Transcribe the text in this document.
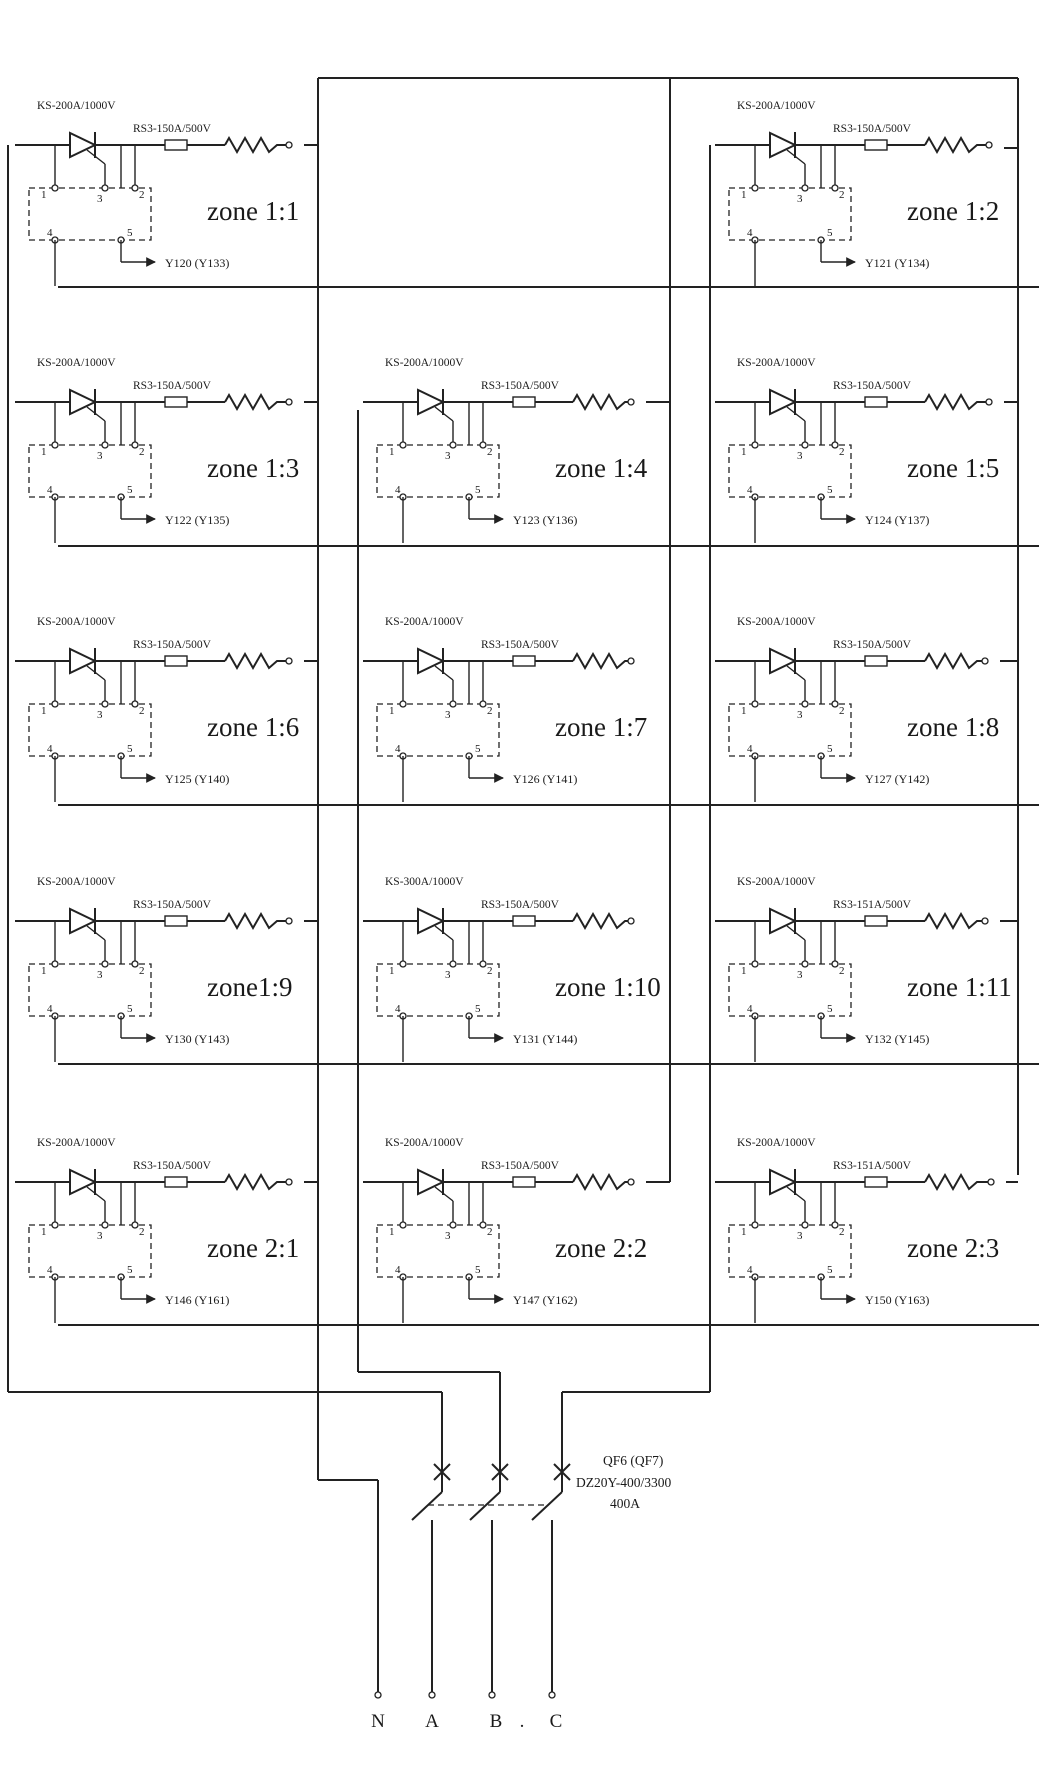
1	2
3
4	5
KS-200A/1000V
RS3-150A/500V
Y120 (Y133)
zone 1:1
1	2
3
4	5
KS-200A/1000V
RS3-150A/500V
Y121 (Y134)
zone 1:2
1	2
3
4	5
KS-200A/1000V
RS3-150A/500V
Y122 (Y135)
zone 1:3
1	2
3
4	5
KS-200A/1000V
RS3-150A/500V
Y123 (Y136)
zone 1:4
1	2
3
4	5
KS-200A/1000V
RS3-150A/500V
Y124 (Y137)
zone 1:5
1	2
3
4	5
KS-200A/1000V
RS3-150A/500V
Y125 (Y140)
zone 1:6
1	2
3
4	5
KS-200A/1000V
RS3-150A/500V
Y126 (Y141)
zone 1:7
1	2
3
4	5
KS-200A/1000V
RS3-150A/500V
Y127 (Y142)
zone 1:8
1	2
3
4	5
KS-200A/1000V
RS3-150A/500V
Y130 (Y143)
zone1:9
1	2
3
4	5
KS-300A/1000V
RS3-150A/500V
Y131 (Y144)
zone 1:10
1	2
3
4	5
KS-200A/1000V
RS3-151A/500V
Y132 (Y145)
zone 1:11
1	2
3
4	5
KS-200A/1000V
RS3-150A/500V
Y146 (Y161)
zone 2:1
1	2
3
4	5
KS-200A/1000V
RS3-150A/500V
Y147 (Y162)
zone 2:2
1	2
3
4	5
KS-200A/1000V
RS3-151A/500V
Y150 (Y163)
zone 2:3
QF6 (QF7)
DZ20Y-400/3300
400A
N A	B . C
